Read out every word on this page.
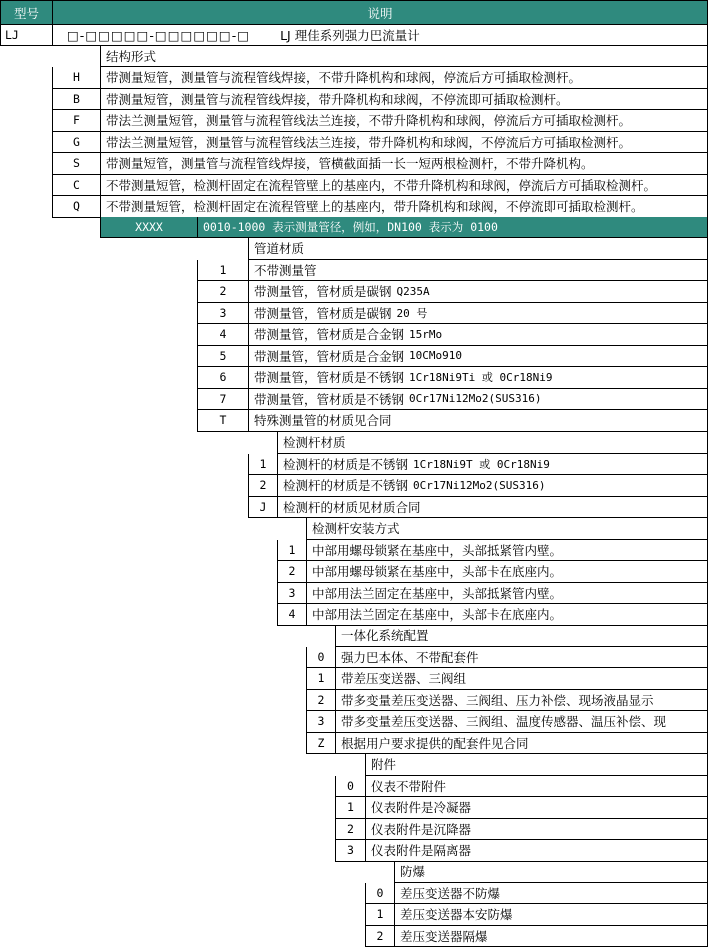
型号	说明
LJ	□-□□□□□-□□□□□□-□	LJ 理佳系列强力巴流量计
结构形式
H 带测量短管，测量管与流程管线焊接，不带升降机构和球阀，停流后方可插取检测杆。
B 带测量短管，测量管与流程管线焊接，带升降机构和球阀，不停流即可插取检测杆。
F 带法兰测量短管，测量管与流程管线法兰连接，不带升降机构和球阀，停流后方可插取检测杆。
G 带法兰测量短管，测量管与流程管线法兰连接，带升降机构和球阀，不停流后方可插取检测杆。
S 带测量短管，测量管与流程管线焊接，管横截面插一长一短两根检测杆，不带升降机构。
C 不带测量短管，检测杆固定在流程管壁上的基座内，不带升降机构和球阀，停流后方可插取检测杆。
Q 不带测量短管，检测杆固定在流程管壁上的基座内，带升降机构和球阀，不停流即可插取检测杆。
XXXX	0010-1000 表示测量管径，例如，DN100 表示为 0100
管道材质
1 不带测量管
2 带测量管，管材质是碳钢 Q235A
3 带测量管，管材质是碳钢 20 号
4 带测量管，管材质是合金钢 15rMo
5 带测量管，管材质是合金钢 10CMo910
6 带测量管，管材质是不锈钢 1Cr18Ni9Ti 或 0Cr18Ni9
7 带测量管，管材质是不锈钢 0Cr17Ni12Mo2(SUS316)
T 特殊测量管的材质见合同
检测杆材质
1 检测杆的材质是不锈钢 1Cr18Ni9T 或 0Cr18Ni9
2 检测杆的材质是不锈钢 0Cr17Ni12Mo2(SUS316)
J 检测杆的材质见材质合同
检测杆安装方式
1 中部用螺母锁紧在基座中，头部抵紧管内壁。
2 中部用螺母锁紧在基座中，头部卡在底座内。
3 中部用法兰固定在基座中，头部抵紧管内壁。
4 中部用法兰固定在基座中，头部卡在底座内。
一体化系统配置
0 强力巴本体、不带配套件
1 带差压变送器、三阀组
2 带多变量差压变送器、三阀组、压力补偿、现场液晶显示
3 带多变量差压变送器、三阀组、温度传感器、温压补偿、现
Z 根据用户要求提供的配套件见合同
附件
0 仪表不带附件
1 仪表附件是冷凝器
2 仪表附件是沉降器
3 仪表附件是隔离器
防爆
0 差压变送器不防爆
1 差压变送器本安防爆
2 差压变送器隔爆
